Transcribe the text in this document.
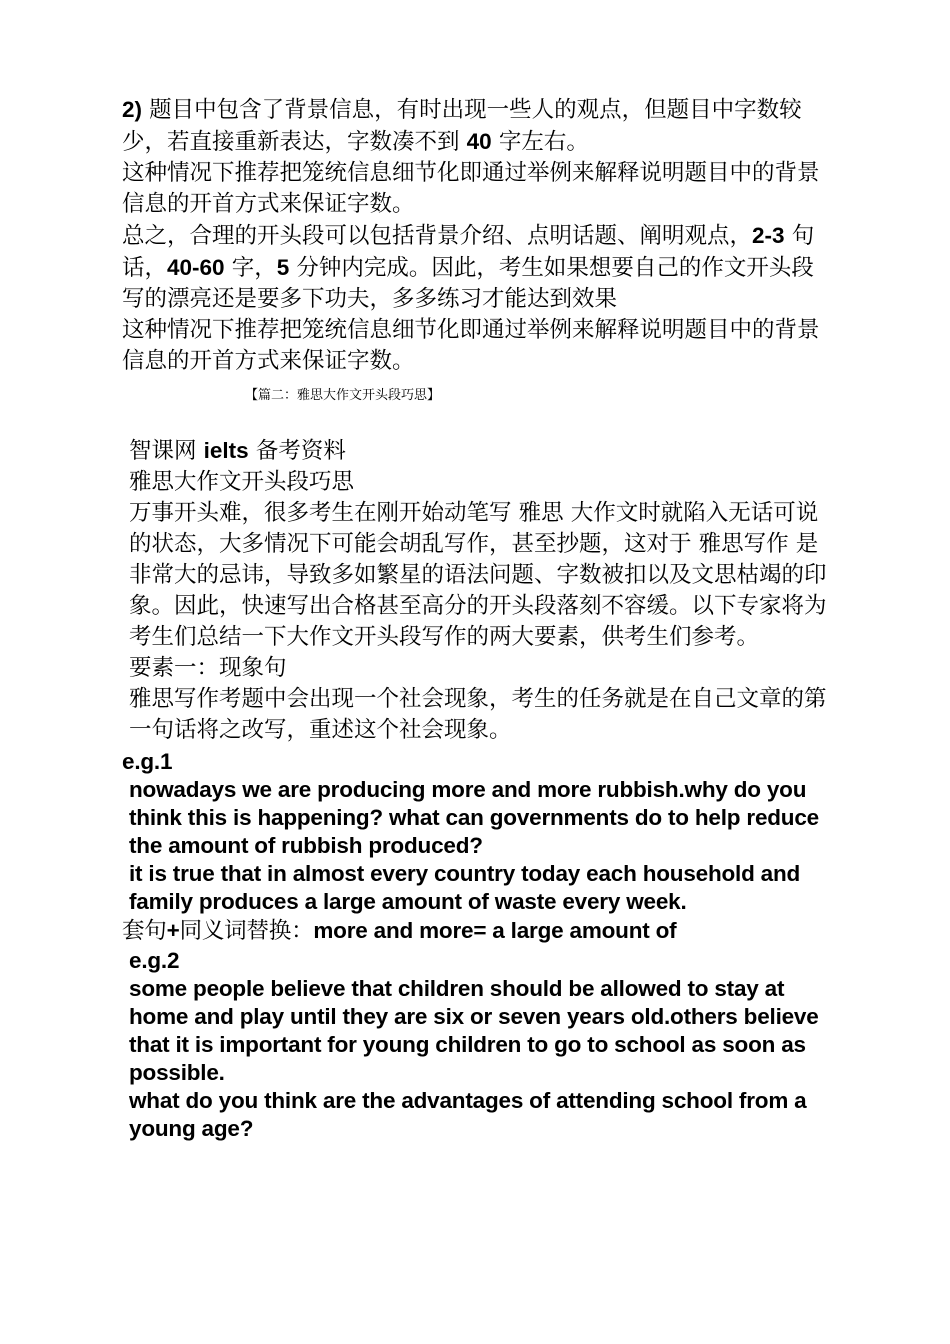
2) 题目中包含了背景信息，有时出现一些人的观点，但题目中字数较少，若直接重新表达，字数凑不到 40 字左右。

这种情况下推荐把笼统信息细节化即通过举例来解释说明题目中的背景信息的开首方式来保证字数。

总之，合理的开头段可以包括背景介绍、点明话题、阐明观点，2-3 句话，40-60 字，5 分钟内完成。因此，考生如果想要自己的作文开头段写的漂亮还是要多下功夫，多多练习才能达到效果

这种情况下推荐把笼统信息细节化即通过举例来解释说明题目中的背景信息的开首方式来保证字数。

【篇二：雅思大作文开头段巧思】

智课网 ielts 备考资料

雅思大作文开头段巧思

万事开头难，很多考生在刚开始动笔写 雅思 大作文时就陷入无话可说的状态，大多情况下可能会胡乱写作，甚至抄题，这对于 雅思写作 是非常大的忌讳，导致多如繁星的语法问题、字数被扣以及文思枯竭的印象。因此，快速写出合格甚至高分的开头段落刻不容缓。以下专家将为考生们总结一下大作文开头段写作的两大要素，供考生们参考。

要素一：现象句

雅思写作考题中会出现一个社会现象，考生的任务就是在自己文章的第一句话将之改写，重述这个社会现象。

e.g.1

nowadays we are producing more and more rubbish.why do you think this is happening? what can governments do to help reduce the amount of rubbish produced?

it is true that in almost every country today each household and family produces a large amount of waste every week.

套句+同义词替换：more and more= a large amount of

e.g.2

some people believe that children should be allowed to stay at home and play until they are six or seven years old.others believe that it is important for young children to go to school as soon as possible.

what do you think are the advantages of attending school from a young age?
